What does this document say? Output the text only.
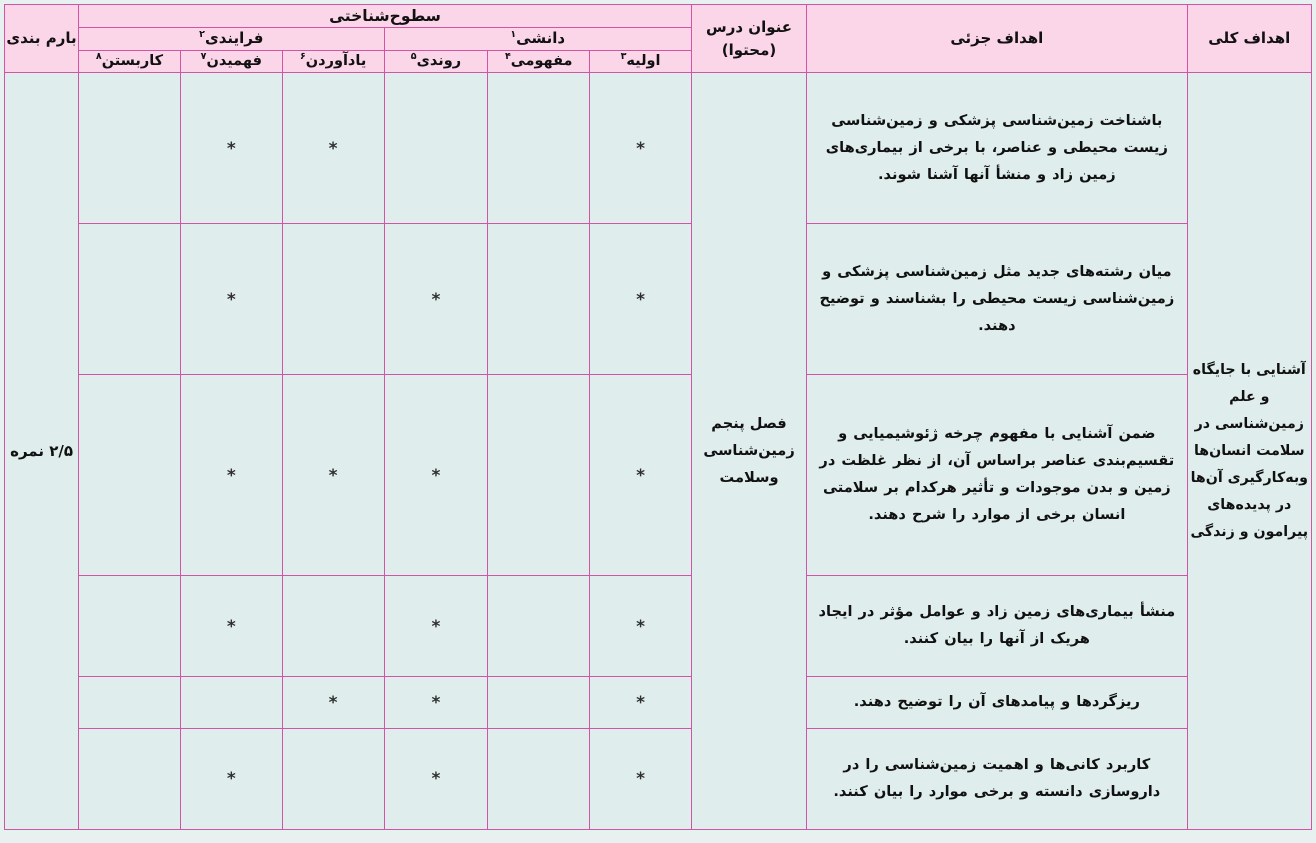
اهداف کلی	اهداف جزئی	عنوان درس (محتوا)	سطوح‌شناختی						بارم بندی
			دانشی$^۱$			فرایندی$^۲$
			اولیه$^۳$	مفهومی$^۴$	روندی$^۵$	یادآوردن$^۶$	فهمیدن$^۷$	کاربستن$^۸$
آشنایی با جایگاه و علم زمین‌شناسی در سلامت انسان‌ها وبه‌کارگیری آن‌ها در پدیده‌های پیرامون و زندگی	باشناخت زمین‌شناسی پزشکی و زمین‌شناسی زیست محیطی و عناصر، با برخی از بیماری‌های زمین زاد و منشأ آنها آشنا شوند.	فصل پنجم زمین‌شناسی وسلامت	*			*	*		۲/۵ نمره
	میان رشته‌های جدید مثل زمین‌شناسی پزشکی و زمین‌شناسی زیست محیطی را بشناسند و توضیح دهند.		*		*		*		
	ضمن آشنایی با مفهوم چرخه ژئوشیمیایی و تقسیم‌بندی عناصر براساس آن، از نظر غلظت در زمین و بدن موجودات و تأثیر هرکدام بر سلامتی انسان برخی از موارد را شرح دهند.		*		*	*	*		
	منشأ بیماری‌های زمین زاد و عوامل مؤثر در ایجاد هریک از آنها را بیان کنند.		*		*		*		
	ریزگردها و پیامدهای آن را توضیح دهند.		*		*	*			
	کاربرد کانی‌ها و اهمیت زمین‌شناسی را در داروسازی دانسته و برخی موارد را بیان کنند.		*		*		*		
